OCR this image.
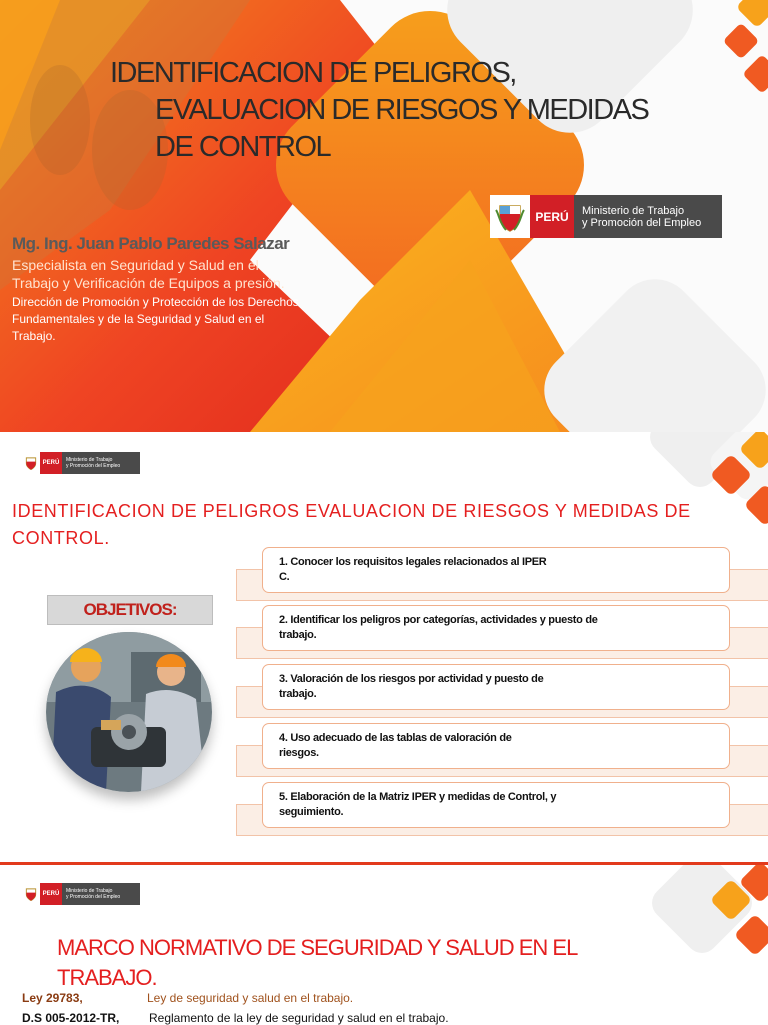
IDENTIFICACION DE PELIGROS,
EVALUACION DE RIESGOS Y MEDIDAS
DE CONTROL
PERÚ	Ministerio de Trabajo
y Promoción del Empleo
Mg. Ing. Juan Pablo Paredes Salazar
Especialista en Seguridad y Salud en el
Trabajo y Verificación de Equipos a presión.
Dirección de Promoción y Protección de los Derechos
Fundamentales y de la Seguridad y Salud en el
Trabajo.
PERÚ	Ministerio de Trabajo
y Promoción del Empleo
IDENTIFICACION DE PELIGROS EVALUACION DE RIESGOS Y MEDIDAS DE
CONTROL.
OBJETIVOS:
1. Conocer los requisitos legales relacionados al IPER
C.
2. Identificar los peligros por categorías, actividades y puesto de
trabajo.
3. Valoración de los riesgos por actividad y puesto de
trabajo.
4. Uso adecuado de las tablas de valoración de
riesgos.
5. Elaboración de la Matriz IPER y medidas de Control, y
seguimiento.
PERÚ	Ministerio de Trabajo
y Promoción del Empleo
MARCO NORMATIVO DE SEGURIDAD Y SALUD EN EL
TRABAJO.
Ley 29783,	Ley de seguridad y salud en el trabajo.
D.S 005-2012-TR, Reglamento de la ley de seguridad y salud en el trabajo.
